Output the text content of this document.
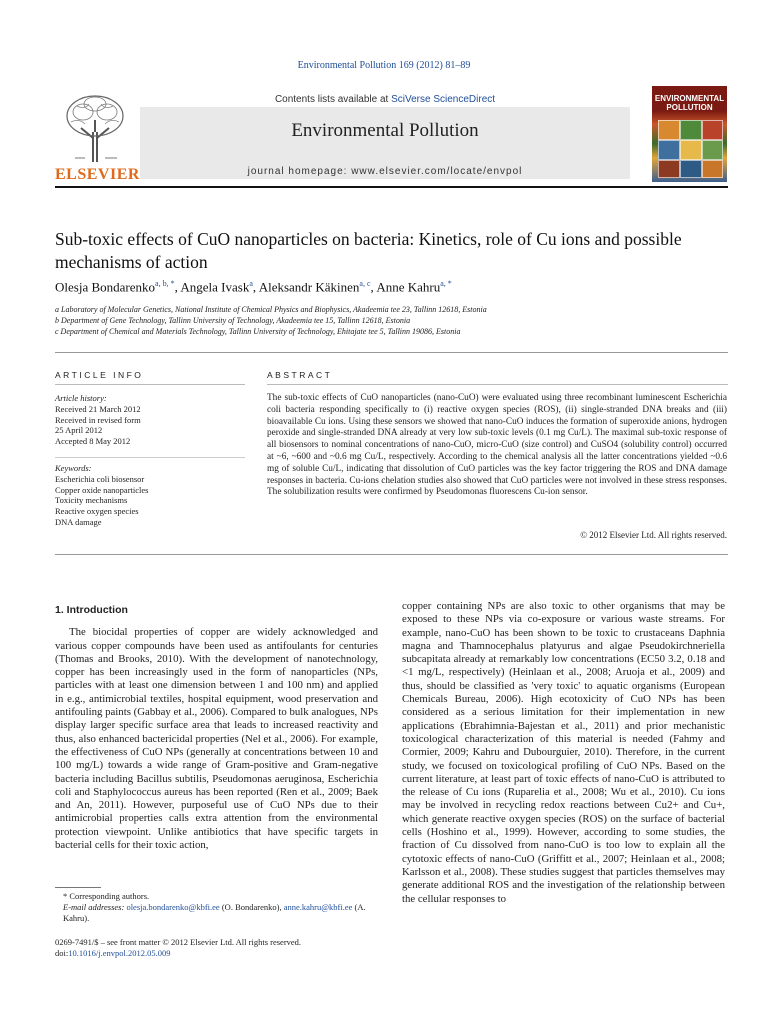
Environmental Pollution 169 (2012) 81–89
ELSEVIER
Contents lists available at SciVerse ScienceDirect
Environmental Pollution
journal homepage: www.elsevier.com/locate/envpol
ENVIRONMENTAL
POLLUTION
Sub-toxic effects of CuO nanoparticles on bacteria: Kinetics, role of Cu ions and possible mechanisms of action
Olesja Bondarenko$^{a, b, *}$, Angela Ivask$^a$, Aleksandr Käkinen$^{a, c}$, Anne Kahru$^{a, *}$
a Laboratory of Molecular Genetics, National Institute of Chemical Physics and Biophysics, Akadeemia tee 23, Tallinn 12618, Estonia
b Department of Gene Technology, Tallinn University of Technology, Akadeemia tee 15, Tallinn 12618, Estonia
c Department of Chemical and Materials Technology, Tallinn University of Technology, Ehitajate tee 5, Tallinn 19086, Estonia
ARTICLE INFO
Article history:
Received 21 March 2012
Received in revised form
25 April 2012
Accepted 8 May 2012
Keywords:
Escherichia coli biosensor
Copper oxide nanoparticles
Toxicity mechanisms
Reactive oxygen species
DNA damage
ABSTRACT
The sub-toxic effects of CuO nanoparticles (nano-CuO) were evaluated using three recombinant luminescent Escherichia coli bacteria responding specifically to (i) reactive oxygen species (ROS), (ii) single-stranded DNA breaks and (iii) bioavailable Cu ions. Using these sensors we showed that nano-CuO induces the formation of superoxide anions, hydrogen peroxide and single-stranded DNA already at very low sub-toxic levels (0.1 mg Cu/L). The maximal sub-toxic response of all biosensors to nominal concentrations of nano-CuO, micro-CuO (size control) and CuSO4 (solubility control) occurred at ~6, ~600 and ~0.6 mg Cu/L, respectively. According to the chemical analysis all the latter concentrations yielded ~0.6 mg of soluble Cu/L, indicating that dissolution of CuO particles was the key factor triggering the ROS and DNA damage responses in bacteria. Cu-ions chelation studies also showed that CuO particles were not involved in these stress responses. The solubilization results were confirmed by Pseudomonas fluorescens Cu-ion sensor.
© 2012 Elsevier Ltd. All rights reserved.
1. Introduction
The biocidal properties of copper are widely acknowledged and various copper compounds have been used as antifoulants for centuries (Thomas and Brooks, 2010). With the development of nanotechnology, copper has been increasingly used in the form of nanoparticles (NPs, particles with at least one dimension between 1 and 100 nm) and applied in e.g., antimicrobial textiles, hospital equipment, wood preservation and antifouling paints (Gabbay et al., 2006). Compared to bulk analogues, NPs display larger specific surface area that leads to increased reactivity and thus, also enhanced bactericidal properties (Nel et al., 2006). For example, the effectiveness of CuO NPs (generally at concentrations between 10 and 100 mg/L) towards a wide range of Gram-positive and Gram-negative bacteria including Bacillus subtilis, Pseudomonas aeruginosa, Escherichia coli and Staphylococcus aureus has been reported (Ren et al., 2009; Baek and An, 2011). However, purposeful use of CuO NPs due to their antimicrobial properties calls extra attention from the environmental protection viewpoint. Unlike antibiotics that have specific targets in bacterial cells for their toxic action,
copper containing NPs are also toxic to other organisms that may be exposed to these NPs via co-exposure or various waste streams. For example, nano-CuO has been shown to be toxic to crustaceans Daphnia magna and Thamnocephalus platyurus and algae Pseudokirchneriella subcapitata already at remarkably low concentrations (EC50 3.2, 0.18 and <1 mg/L, respectively) (Heinlaan et al., 2008; Aruoja et al., 2009) and thus, should be classified as 'very toxic' to aquatic organisms (European Chemicals Bureau, 2006). High ecotoxicity of CuO NPs has been considered as a serious limitation for their implementation in new applications (Ebrahimnia-Bajestan et al., 2011) and prior mechanistic toxicological characterization of this material is needed (Fahmy and Cormier, 2009; Kahru and Dubourguier, 2010). Therefore, in the current study, we focused on toxicological profiling of CuO NPs. Based on the current literature, at least part of toxic effects of nano-CuO is attributed to the release of Cu ions (Ruparelia et al., 2008; Wu et al., 2010). Cu ions may be involved in recycling redox reactions between Cu2+ and Cu+, which generate reactive oxygen species (ROS) on the surface of bacterial cells (Hoshino et al., 1999). However, according to some studies, the fraction of Cu dissolved from nano-CuO is too low to explain all the cytotoxic effects of nano-CuO (Griffitt et al., 2007; Heinlaan et al., 2008; Karlsson et al., 2008). These studies suggest that particles themselves may generate additional ROS and the investigation of the relationship between the cellular responses to
* Corresponding authors.
E-mail addresses: olesja.bondarenko@kbfi.ee (O. Bondarenko), anne.kahru@kbfi.ee (A. Kahru).
0269-7491/$ – see front matter © 2012 Elsevier Ltd. All rights reserved.
doi:10.1016/j.envpol.2012.05.009
